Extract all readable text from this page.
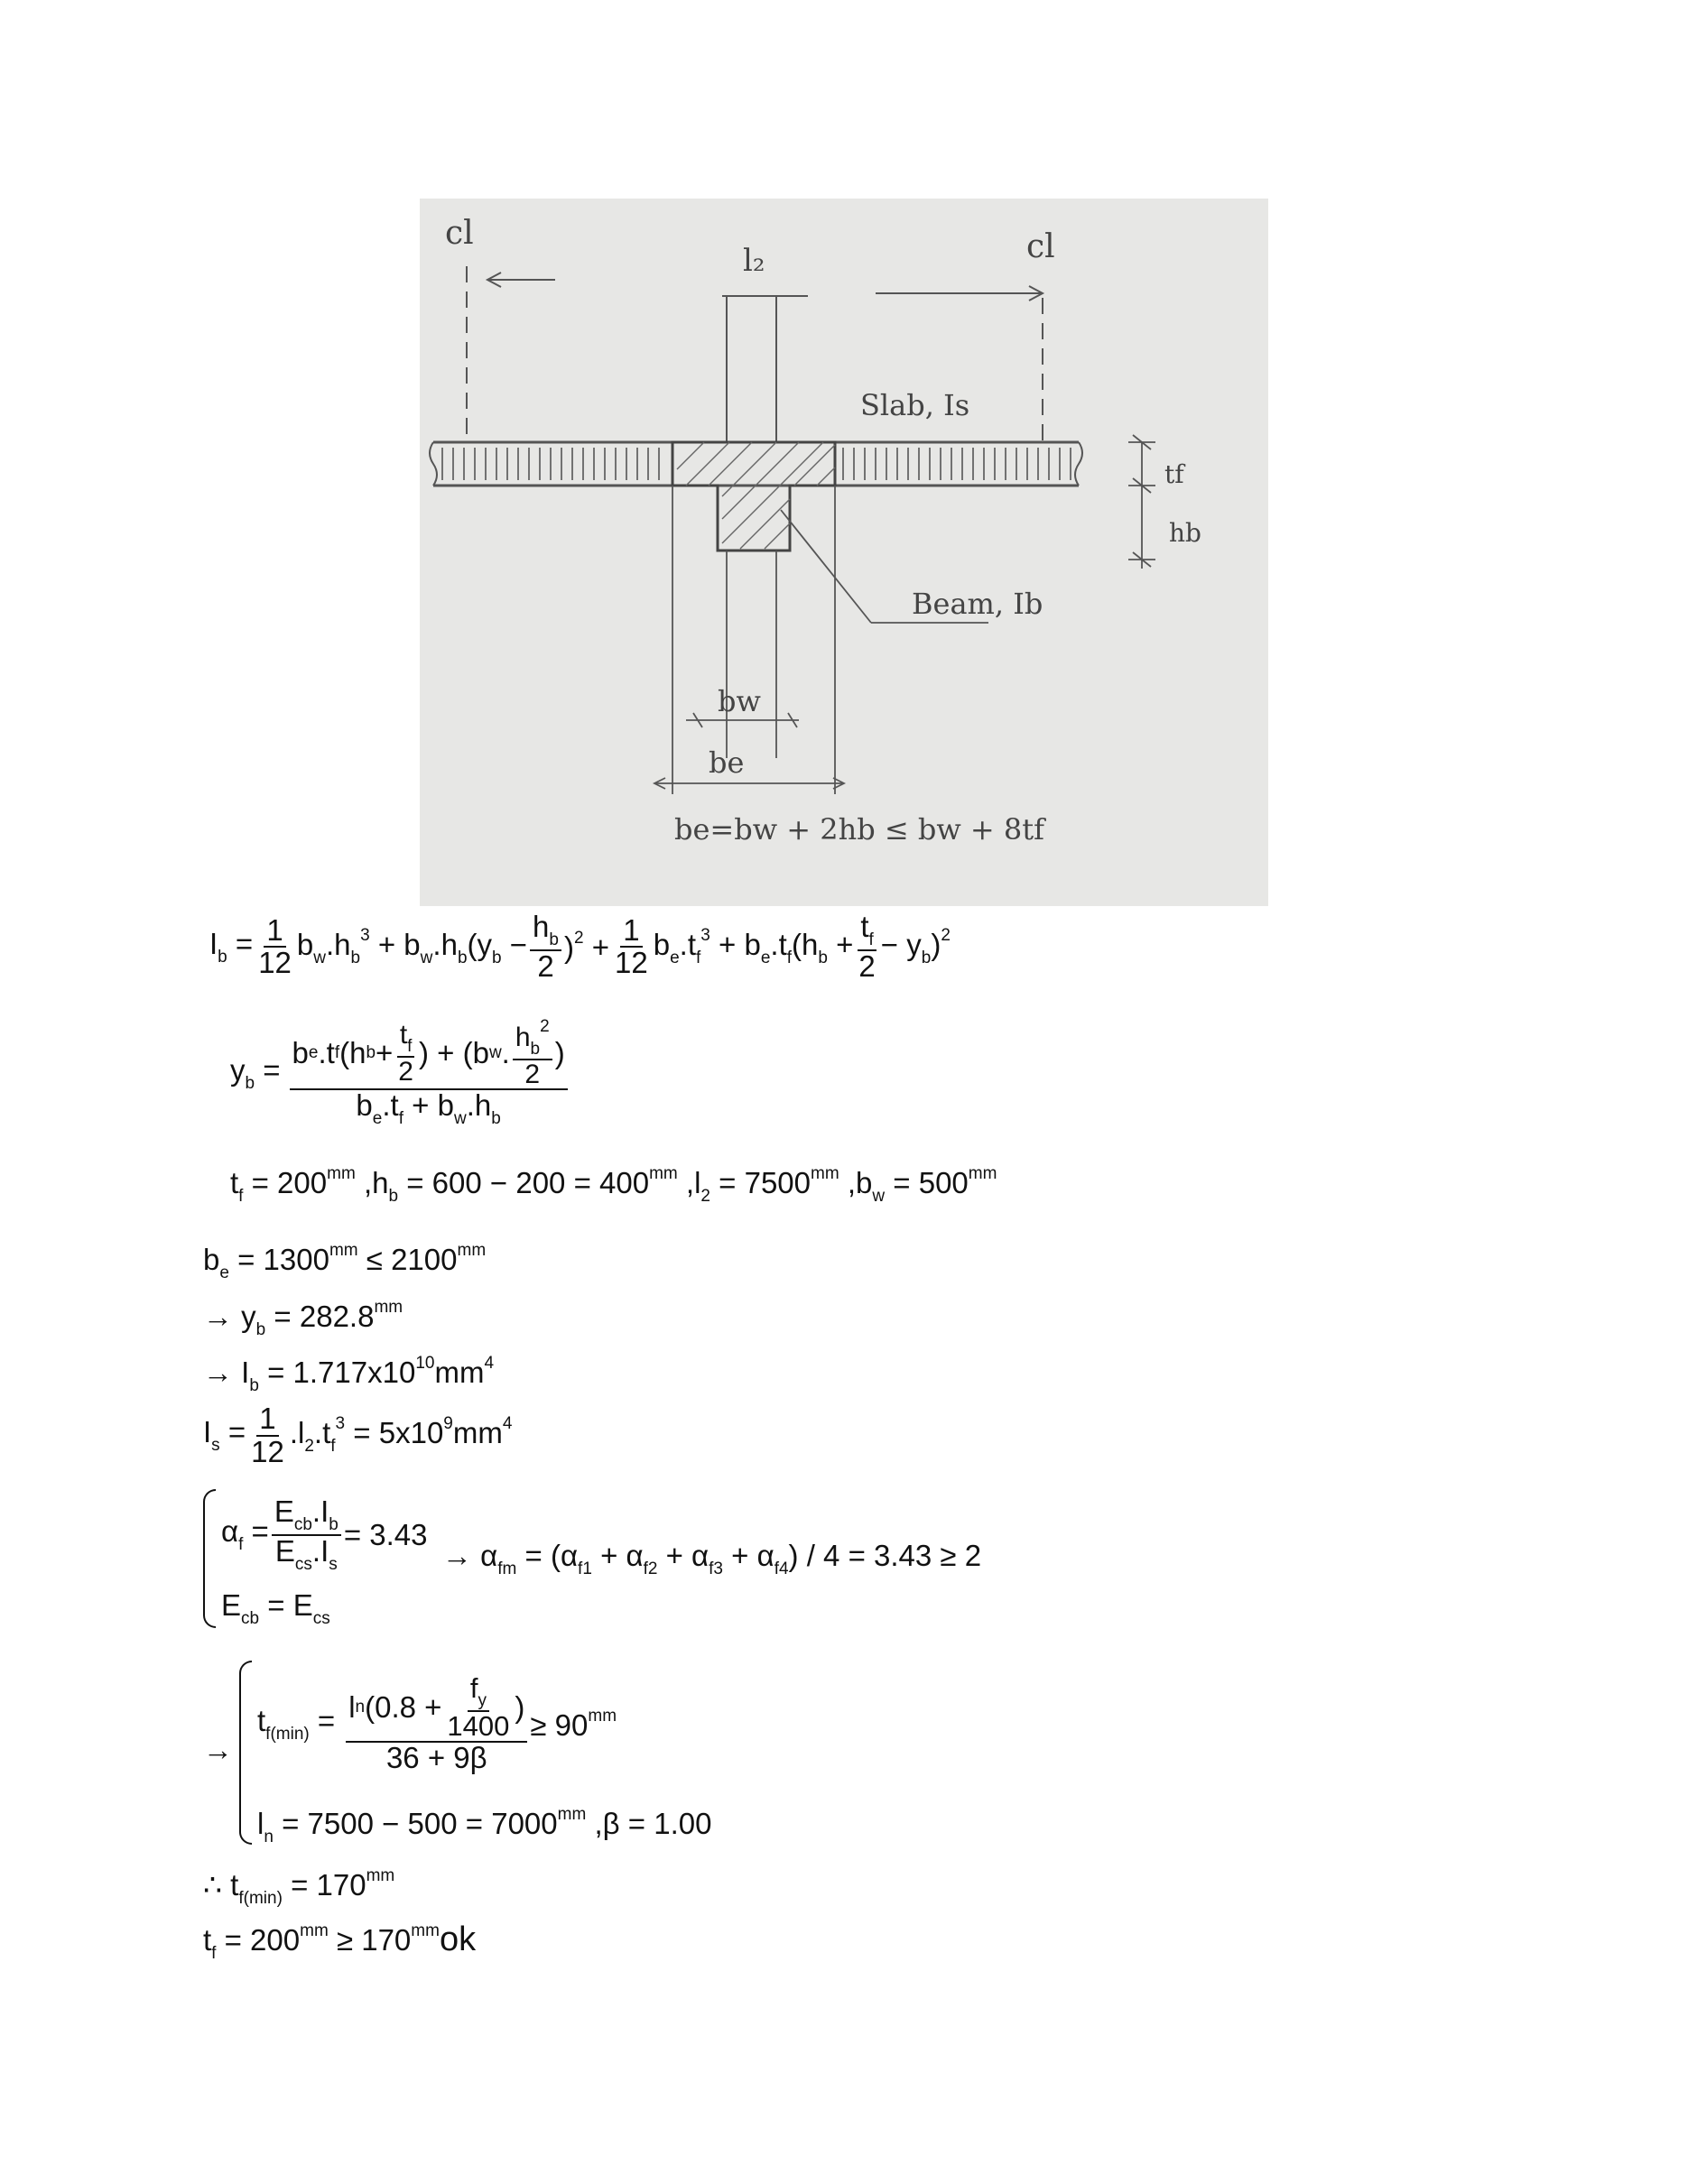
cl	cl
l₂
Slab, Is
Beam, Ib
tf
hb
bw
be
be=bw + 2hb ≤ bw + 8tf
$I_b = \frac{1}{12} b_w.h_b^3 + b_w.h_b(y_b - \frac{h_b}{2} )^2 + \frac{1}{12} b_e.t_f^3 + b_e.t_f(h_b + \frac{t_f}{2} - y_b)^2$
$y_b = \frac{b e .t f (h b + \frac{t_f}{2} ) + (b w . \frac{h_b^2}{2} )}{b_e.t_f + b_w.h_b}$
$t_f = 200^{mm}$ $,h_b = 600 - 200 = 400^{mm}$ $,l_2 = 7500^{mm}$ $,b_w = 500^{mm}$
$b_e = 1300^{mm} \le 2100^{mm}$
→ $y_b = 282.8^{mm}$
→ $I_b = 1.717x10^{10}mm^4$
$I_s = \frac{1}{12} .l_2.t_f^3 = 5x10^9mm^4$
$\alpha_f = \frac{E_{cb}.I_b}{E_{cs}.I_s} = 3.43$
→ $\alpha_{fm} = (\alpha_{f1} + \alpha_{f2} + \alpha_{f3} + \alpha_{f4}) / 4 = 3.43 \ge 2$
$E_{cb} = E_{cs}$
→
$t_{f(min)} = \frac{l n (0.8 + \frac{f_y}{1400} )}{36 + 9\beta} \ge 90^{mm}$
$l_n = 7500 - 500 = 7000^{mm}$ ,β = 1.00
∴ $t_{f(min)} = 170^{mm}$
$t_f = 200^{mm} \ge 170^{mm}ok$
